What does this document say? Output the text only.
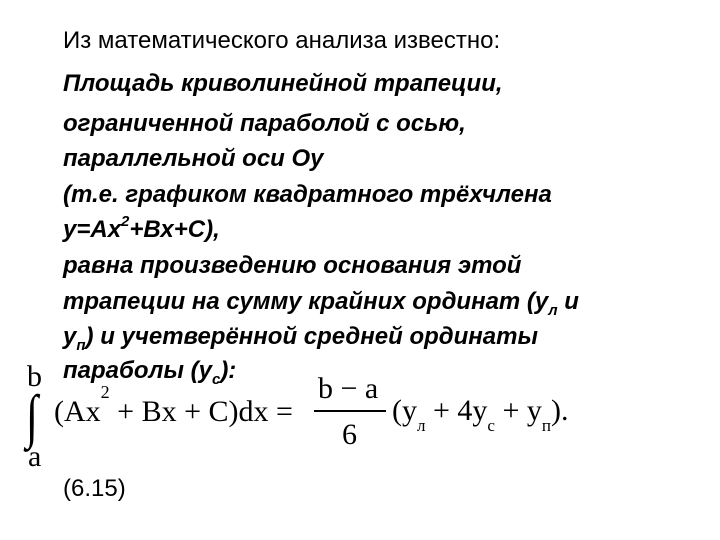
Из математического анализа известно:
Площадь криволинейной трапеции,
ограниченной параболой с осью,
параллельной оси Оу
(т.е. графиком квадратного трёхчлена
$у=Ах^2+Вх+С$),
равна произведению основания этой
трапеции на сумму крайних ординат ($у_л$ и
$у_п$) и учетверённой средней ординаты
параболы $(у_с)$:
b
∫
a
$(Ax^2 + Bx + C)dx$ =
b − a
6
$(y_л + 4y_с + y_п)$.
(6.15)
